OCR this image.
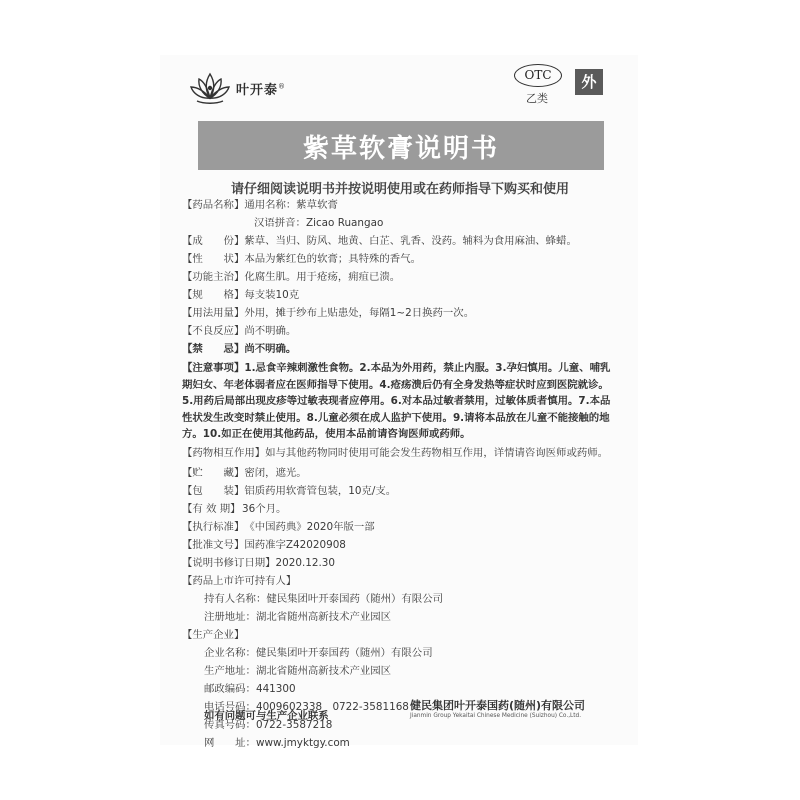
叶开泰®
OTC
乙类
外
紫草软膏说明书
请仔细阅读说明书并按说明使用或在药师指导下购买和使用
【药品名称】 通用名称：紫草软膏
汉语拼音：Zicao Ruangao
【成　　份】 紫草、当归、防风、地黄、白芷、乳香、没药。辅料为食用麻油、蜂蜡。
【性　　状】 本品为紫红色的软膏；具特殊的香气。
【功能主治】 化腐生肌。用于疮疡，痈疽已溃。
【规　　格】 每支装10克
【用法用量】 外用，摊于纱布上贴患处，每隔1~2日换药一次。
【不良反应】 尚不明确。
【禁　　忌】 尚不明确。
【注意事项】1.忌食辛辣刺激性食物。2.本品为外用药，禁止内服。3.孕妇慎用。儿童、哺乳期妇女、年老体弱者应在医师指导下使用。4.疮疡溃后仍有全身发热等症状时应到医院就诊。5.用药后局部出现皮疹等过敏表现者应停用。6.对本品过敏者禁用，过敏体质者慎用。7.本品性状发生改变时禁止使用。8.儿童必须在成人监护下使用。9.请将本品放在儿童不能接触的地方。10.如正在使用其他药品，使用本品前请咨询医师或药师。
【药物相互作用】如与其他药物同时使用可能会发生药物相互作用，详情请咨询医师或药师。
【贮　　藏】 密闭，遮光。
【包　　装】 铝质药用软膏管包装，10克/支。
【有 效 期】 36个月。
【执行标准】 《中国药典》2020年版一部
【批准文号】 国药准字Z42020908
【说明书修订日期】 2020.12.30
【药品上市许可持有人】
持有人名称：健民集团叶开泰国药（随州）有限公司
注册地址：湖北省随州高新技术产业园区
【生产企业】
企业名称：健民集团叶开泰国药（随州）有限公司
生产地址：湖北省随州高新技术产业园区
邮政编码：441300
电话号码：4009602338　0722-3581168
传真号码：0722-3587218
网　　址：www.jmyktgy.com
如有问题可与生产企业联系
健民集团叶开泰国药(随州)有限公司
Jianmin Group Yekaitai Chinese Medicine (Suizhou) Co.,Ltd.
